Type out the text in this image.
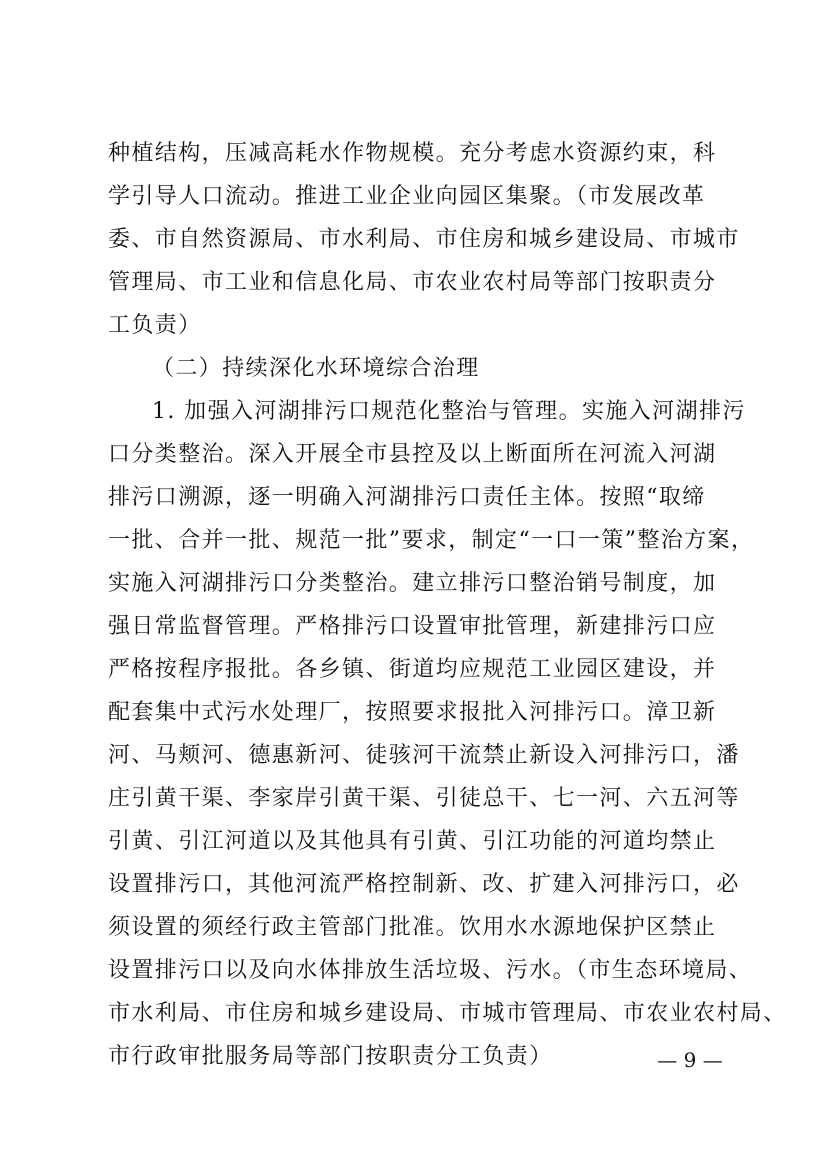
种植结构，压减高耗水作物规模。充分考虑水资源约束，科
学引导人口流动。推进工业企业向园区集聚。（市发展改革
委、市自然资源局、市水利局、市住房和城乡建设局、市城市
管理局、市工业和信息化局、市农业农村局等部门按职责分
工负责）
（二）持续深化水环境综合治理
1. 加强入河湖排污口规范化整治与管理。实施入河湖排污
口分类整治。深入开展全市县控及以上断面所在河流入河湖
排污口溯源，逐一明确入河湖排污口责任主体。按照“取缔
一批、合并一批、规范一批”要求，制定“一口一策”整治方案，
实施入河湖排污口分类整治。建立排污口整治销号制度，加
强日常监督管理。严格排污口设置审批管理，新建排污口应
严格按程序报批。各乡镇、街道均应规范工业园区建设，并
配套集中式污水处理厂，按照要求报批入河排污口。漳卫新
河、马颊河、德惠新河、徒骇河干流禁止新设入河排污口，潘
庄引黄干渠、李家岸引黄干渠、引徒总干、七一河、六五河等
引黄、引江河道以及其他具有引黄、引江功能的河道均禁止
设置排污口，其他河流严格控制新、改、扩建入河排污口，必
须设置的须经行政主管部门批准。饮用水水源地保护区禁止
设置排污口以及向水体排放生活垃圾、污水。（市生态环境局、
市水利局、市住房和城乡建设局、市城市管理局、市农业农村局、
市行政审批服务局等部门按职责分工负责）	— 9 —
